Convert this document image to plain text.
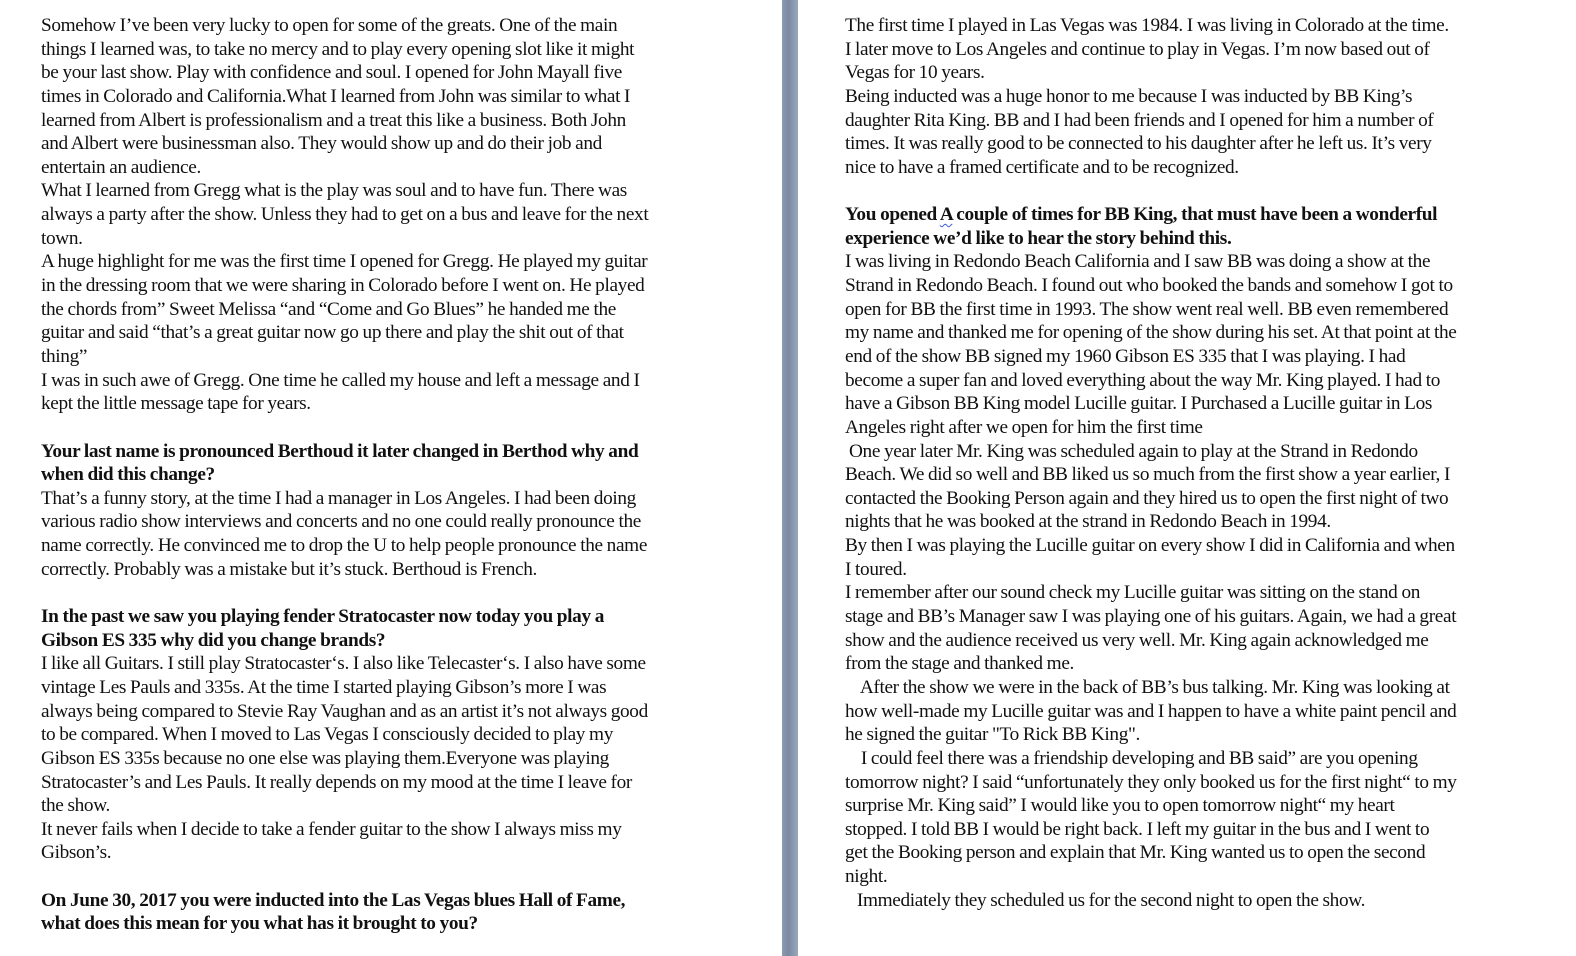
Somehow I’ve been very lucky to open for some of the greats. One of the main
things I learned was, to take no mercy and to play every opening slot like it might
be your last show. Play with confidence and soul. I opened for John Mayall five
times in Colorado and California.What I learned from John was similar to what I
learned from Albert is professionalism and a treat this like a business. Both John
and Albert were businessman also. They would show up and do their job and
entertain an audience.
What I learned from Gregg what is the play was soul and to have fun. There was
always a party after the show. Unless they had to get on a bus and leave for the next
town.
A huge highlight for me was the first time I opened for Gregg. He played my guitar
in the dressing room that we were sharing in Colorado before I went on. He played
the chords from” Sweet Melissa “and “Come and Go Blues” he handed me the
guitar and said “that’s a great guitar now go up there and play the shit out of that
thing”
I was in such awe of Gregg. One time he called my house and left a message and I
kept the little message tape for years.
Your last name is pronounced Berthoud it later changed in Berthod why and
when did this change?
That’s a funny story, at the time I had a manager in Los Angeles. I had been doing
various radio show interviews and concerts and no one could really pronounce the
name correctly. He convinced me to drop the U to help people pronounce the name
correctly. Probably was a mistake but it’s stuck. Berthoud is French.
In the past we saw you playing fender Stratocaster now today you play a
Gibson ES 335 why did you change brands?
I like all Guitars. I still play Stratocaster‘s. I also like Telecaster‘s. I also have some
vintage Les Pauls and 335s. At the time I started playing Gibson’s more I was
always being compared to Stevie Ray Vaughan and as an artist it’s not always good
to be compared. When I moved to Las Vegas I consciously decided to play my
Gibson ES 335s because no one else was playing them.Everyone was playing
Stratocaster’s and Les Pauls. It really depends on my mood at the time I leave for
the show.
It never fails when I decide to take a fender guitar to the show I always miss my
Gibson’s.
On June 30, 2017 you were inducted into the Las Vegas blues Hall of Fame,
what does this mean for you what has it brought to you?
The first time I played in Las Vegas was 1984. I was living in Colorado at the time.
I later move to Los Angeles and continue to play in Vegas. I’m now based out of
Vegas for 10 years.
Being inducted was a huge honor to me because I was inducted by BB King’s
daughter Rita King. BB and I had been friends and I opened for him a number of
times. It was really good to be connected to his daughter after he left us. It’s very
nice to have a framed certificate and to be recognized.
You opened A couple of times for BB King, that must have been a wonderful
experience we’d like to hear the story behind this.
I was living in Redondo Beach California and I saw BB was doing a show at the
Strand in Redondo Beach. I found out who booked the bands and somehow I got to
open for BB the first time in 1993. The show went real well. BB even remembered
my name and thanked me for opening of the show during his set. At that point at the
end of the show BB signed my 1960 Gibson ES 335 that I was playing. I had
become a super fan and loved everything about the way Mr. King played. I had to
have a Gibson BB King model Lucille guitar. I Purchased a Lucille guitar in Los
Angeles right after we open for him the first time
One year later Mr. King was scheduled again to play at the Strand in Redondo
Beach. We did so well and BB liked us so much from the first show a year earlier, I
contacted the Booking Person again and they hired us to open the first night of two
nights that he was booked at the strand in Redondo Beach in 1994.
By then I was playing the Lucille guitar on every show I did in California and when
I toured.
I remember after our sound check my Lucille guitar was sitting on the stand on
stage and BB’s Manager saw I was playing one of his guitars. Again, we had a great
show and the audience received us very well. Mr. King again acknowledged me
from the stage and thanked me.
After the show we were in the back of BB’s bus talking. Mr. King was looking at
how well-made my Lucille guitar was and I happen to have a white paint pencil and
he signed the guitar "To Rick BB King".
I could feel there was a friendship developing and BB said” are you opening
tomorrow night? I said “unfortunately they only booked us for the first night“ to my
surprise Mr. King said” I would like you to open tomorrow night“ my heart
stopped. I told BB I would be right back. I left my guitar in the bus and I went to
get the Booking person and explain that Mr. King wanted us to open the second
night.
Immediately they scheduled us for the second night to open the show.
